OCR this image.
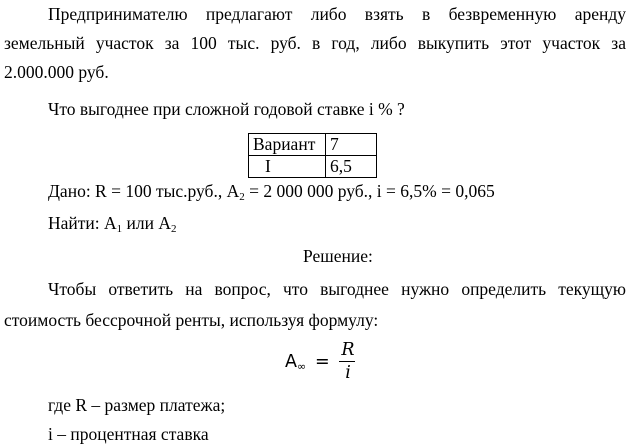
Предпринимателю предлагают либо взять в безвременную аренду
земельный участок за 100 тыс. руб. в год, либо выкупить этот участок за
2.000.000 руб.
Что выгоднее при сложной годовой ставке i % ?
Вариант	7
I	6,5
Дано: R = 100 тыс.руб., $A_2 = 2$ 000 000 руб., i = 6,5% = 0,065
Найти: $A_1$ или $A_2$
Решение:
Чтобы ответить на вопрос, что выгоднее нужно определить текущую
стоимость бессрочной ренты, используя формулу:
$A_\infty$ =
R
i
где R – размер платежа;
i – процентная ставка
